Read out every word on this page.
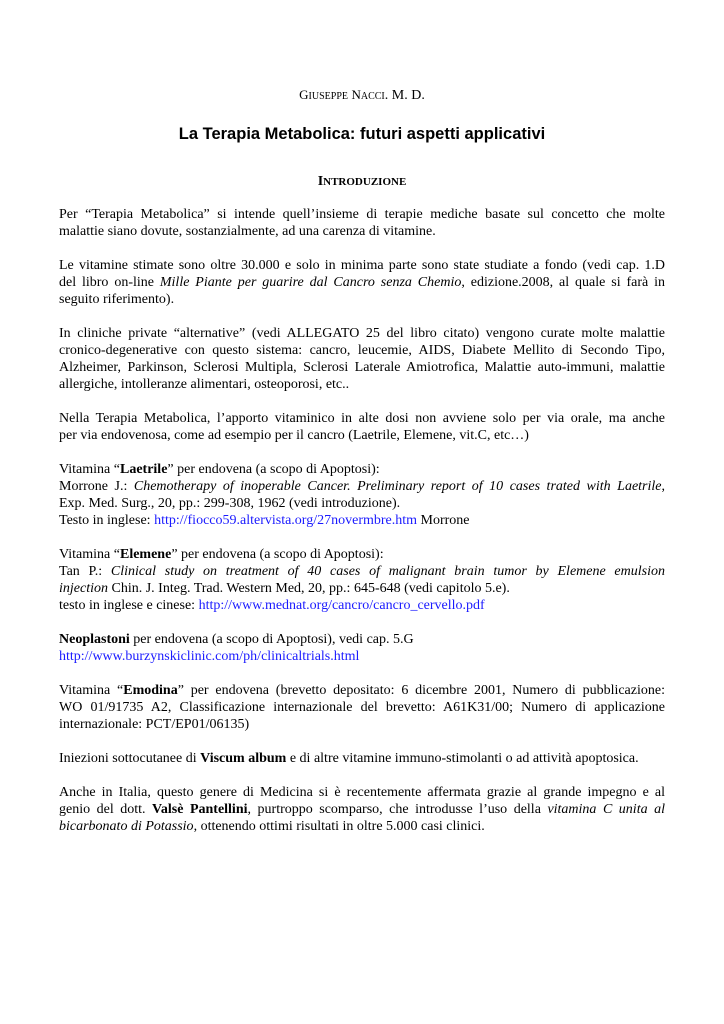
GIUSEPPE NACCI. M. D.
La Terapia Metabolica: futuri aspetti applicativi
INTRODUZIONE

Per “Terapia Metabolica” si intende quell’insieme di terapie mediche basate sul concetto che molte
malattie siano dovute, sostanzialmente, ad una carenza di vitamine.

Le vitamine stimate sono oltre 30.000 e solo in minima parte sono state studiate a fondo (vedi cap. 1.D
del libro on-line Mille Piante per guarire dal Cancro senza Chemio, edizione.2008, al quale si farà in
seguito riferimento).

In cliniche private “alternative” (vedi ALLEGATO 25 del libro citato) vengono curate molte malattie
cronico-degenerative con questo sistema: cancro, leucemie, AIDS, Diabete Mellito di Secondo Tipo,
Alzheimer, Parkinson, Sclerosi Multipla, Sclerosi Laterale Amiotrofica, Malattie auto-immuni, malattie
allergiche, intolleranze alimentari, osteoporosi, etc..

Nella Terapia Metabolica, l’apporto vitaminico in alte dosi non avviene solo per via orale, ma anche
per via endovenosa, come ad esempio per il cancro (Laetrile, Elemene, vit.C, etc…)

Vitamina “Laetrile” per endovena (a scopo di Apoptosi):
Morrone J.: Chemotherapy of inoperable Cancer. Preliminary report of 10 cases trated with Laetrile,
Exp. Med. Surg., 20, pp.: 299-308, 1962 (vedi introduzione).
Testo in inglese: http://fiocco59.altervista.org/27novermbre.htm Morrone

Vitamina “Elemene” per endovena (a scopo di Apoptosi):
Tan P.: Clinical study on treatment of 40 cases of malignant brain tumor by Elemene emulsion
injection Chin. J. Integ. Trad. Western Med, 20, pp.: 645-648 (vedi capitolo 5.e).
testo in inglese e cinese: http://www.mednat.org/cancro/cancro_cervello.pdf

Neoplastoni per endovena (a scopo di Apoptosi), vedi cap. 5.G
http://www.burzynskiclinic.com/ph/clinicaltrials.html

Vitamina “Emodina” per endovena (brevetto depositato: 6 dicembre 2001, Numero di pubblicazione:
WO 01/91735 A2, Classificazione internazionale del brevetto: A61K31/00; Numero di applicazione
internazionale: PCT/EP01/06135)

Iniezioni sottocutanee di Viscum album e di altre vitamine immuno-stimolanti o ad attività apoptosica.

Anche in Italia, questo genere di Medicina si è recentemente affermata grazie al grande impegno e al
genio del dott. Valsè Pantellini, purtroppo scomparso, che introdusse l’uso della vitamina C unita al
bicarbonato di Potassio, ottenendo ottimi risultati in oltre 5.000 casi clinici.
